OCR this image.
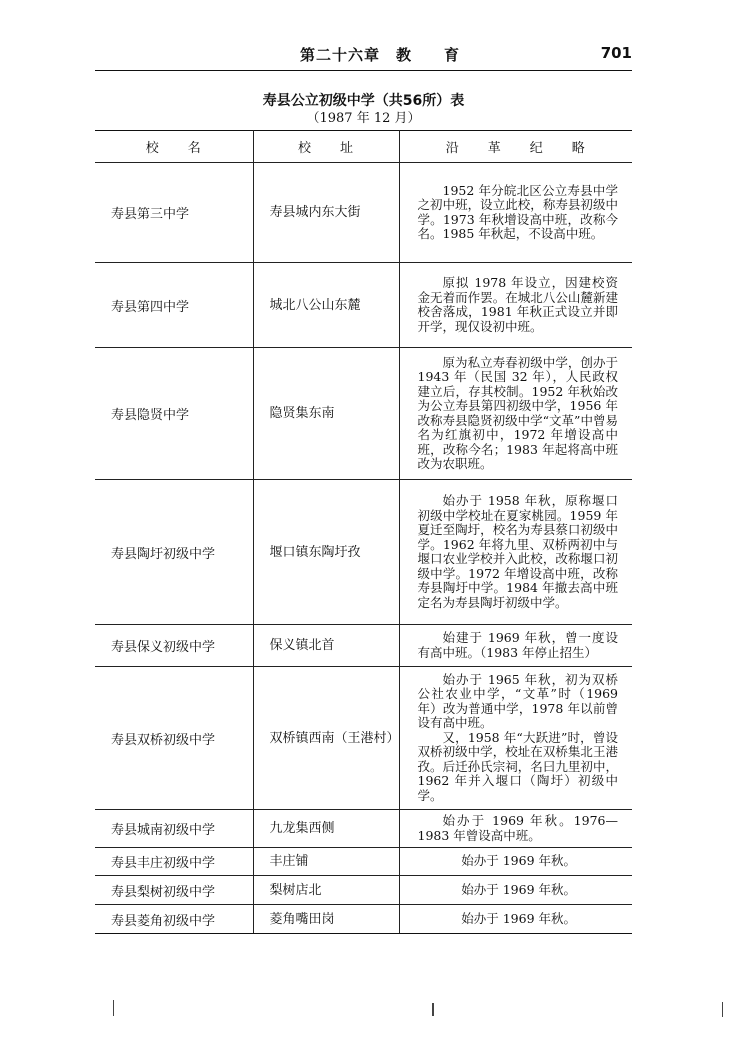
第二十六章　教　　育	701
寿县公立初级中学（共56所）表
（1987 年 12 月）
校　　名	校　　址	沿　　革　　纪　　略
寿县第三中学	寿县城内东大街	1952 年分皖北区公立寿县中学之初中班，设立此校，称寿县初级中学。1973 年秋增设高中班，改称今名。1985 年秋起，不设高中班。

寿县第四中学	城北八公山东麓	原拟 1978 年设立，因建校资金无着而作罢。在城北八公山麓新建校舍落成，1981 年秋正式设立并即开学，现仅设初中班。

寿县隐贤中学	隐贤集东南	原为私立寿春初级中学，创办于 1943 年（民国 32 年），人民政权建立后，存其校制。1952 年秋始改为公立寿县第四初级中学，1956 年改称寿县隐贤初级中学“文革”中曾易名为红旗初中，1972 年增设高中班，改称今名；1983 年起将高中班改为农职班。

寿县陶圩初级中学	堰口镇东陶圩孜	始办于 1958 年秋，原称堰口初级中学校址在夏家桃园。1959 年夏迁至陶圩，校名为寿县蔡口初级中学。1962 年将九里、双桥两初中与堰口农业学校并入此校，改称堰口初级中学。1972 年增设高中班，改称寿县陶圩中学。1984 年撤去高中班定名为寿县陶圩初级中学。

寿县保义初级中学	保义镇北首	始建于 1969 年秋，曾一度设有高中班。（1983 年停止招生）

寿县双桥初级中学	双桥镇西南（王港村）	始办于 1965 年秋，初为双桥公社农业中学，“文革”时（1969 年）改为普通中学，1978 年以前曾设有高中班。

又，1958 年“大跃进”时，曾设双桥初级中学，校址在双桥集北王港孜。后迁孙氏宗祠，名曰九里初中，1962 年并入堰口（陶圩）初级中学。

寿县城南初级中学	九龙集西侧	始办于 1969 年秋。1976—1983 年曾设高中班。

寿县丰庄初级中学	丰庄铺	始办于 1969 年秋。

寿县梨树初级中学	梨树店北	始办于 1969 年秋。

寿县菱角初级中学	菱角嘴田岗	始办于 1969 年秋。
